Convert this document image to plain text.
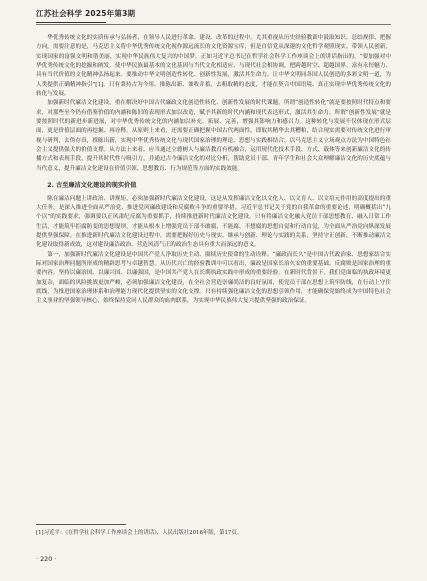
江苏社会科学 2025年第3期

华优秀传统文化的实质传承与弘扬者，在领导人民进行革命、建设、改革的过程中，尤其重视从历史经验教训中汲取知识、总结规律、把握方向。需要注意的是，马克思主义将中华优秀传统文化视作源远流长的文化资源宝库，但是自信党从深邃的文化哲学观照现实，带领人民创新，实现国家的富强文明和谐美丽，实现中华民族伟大复兴的中国梦。正如习近平总书记在哲学社会科学工作座谈会上的讲话指出的，“要加强对中华优秀传统文化的挖掘和阐发，使中华民族最基本的文化基因与当代文化相适应、与现代社会相协调，把跨越时空、超越国界、富有永恒魅力、具有当代价值的文化精神弘扬起来。要推动中华文明创造性转化、创新性发展，激活其生命力，让中华文明同各国人民创造的多彩文明一道，为人类提供正确精神指引”[1]。只有秉持古为今用、推陈出新、兼收并蓄、去粗取精的态度，才能在契合中国语境、真正实现中华优秀传统文化的转化与发展。

加强新时代廉洁文化建设，重在解决好中国古代廉政文化创造性转化、创新性发展的时代课题。所谓“创造性转化”就是要按照时代特点和要求，对那些至今仍有借鉴价值的内涵和陈旧的表现形式加以改造，赋予其新的时代内涵和现代表达形式，激活其生命力。所谓“创新性发展”就是要按照时代的新进步新进展，对中华优秀传统文化的内涵加以补充、拓展、完善，增强其影响力和感召力。这种转化与发展不仅体现在形式层面，更是价值层面的再挖掘、再诠释。从原则上来看，还需要正确把握中国古代两面性，即取其精华去其糟粕，结合现实需要对传统文化进行审视与研判，去伪存真，推陈出新，实现中华优秀传统文化与现代国家治理的理论、思想与实践相结合，以马克思主义立场观点方法为中国特色社会主义提供强大的价值支撑。从方法上来看，应当通过立德树人与廉洁教育有机融合，运用现代化技术手段、方式、载体等来创新廉洁文化的传播方式和表现手段，提升其时代性与吸引力，并通过古今廉洁文化的对比分析，帮助党员干部、青年学生和社会大众理解廉洁文化的历史底蕴与当代意义，提升廉洁文化建设在价值引领、思想教育、行为规范等方面的实践效能。

2. 古至廉洁文化建设的现实价值

陈在廉洁问题上讲政治、讲规矩，必须加强新时代廉洁文化建设，这是从发挥廉洁文化以文化人、以文育人、以文培元作用的高度提出的重大任务，是深入推进全面从严治党、推进党风廉政建设和反腐败斗争的重要举措。习近平总书记关于党的自我革命的重要论述，明确概括出“九个以”的实践要求，强调要以正风肃纪反腐为重要抓手，持续推进新时代廉洁文化建设。只有将廉洁文化融入党员干部思想教育、融入日常工作生活，才能筑牢拒腐防变的思想堤坝，才能从根本上增强党员干部不敢腐、不能腐、不想腐的思想自觉和行动自觉，为全面从严治党向纵深发展提供坚强保障。在推进新时代廉洁文化建设过程中，需要把握好历史与现实、继承与创新、理论与实践的关系，坚持守正创新，不断推动廉洁文化建设取得新成效，这对建设廉洁政治、营造风清气正的政治生态具有重大而深远的意义。

第一，加强新时代廉洁文化建设是中国共产党人净取历史主动、赓续历史使命的生动诠释。“廉政而长久”是中国古代政治家、思想家结合实际对国家治理问题所形成的精辟思考与卓越智慧。从历代兴亡的经验教训中可以看出，廉政是国家长治久安的重要基础，反腐败是国家治理的重要内容。坚持以廉治国、以廉兴国、以廉强国，是中国共产党人在长期执政实践中形成的重要经验。在新时代背景下，我们党面临的执政环境更加复杂，面临的风险挑战更加严峻，必须加强廉洁文化建设，在全社会营造崇廉尚洁的良好氛围，使党员干部在思想上筑牢防线，在行动上守住底线，为推进国家治理体系和治理能力现代化提供坚实的文化支撑。只有持续强化廉洁文化的思想引领作用，才能确保党始终成为中国特色社会主义事业的坚强领导核心，始终保持党同人民群众的血肉联系，为实现中华民族伟大复兴提供坚强的政治保证。

[1]习近平：《在哲学社会科学工作座谈会上的讲话》，人民出版社2016年版，第17页。
· 220 ·
